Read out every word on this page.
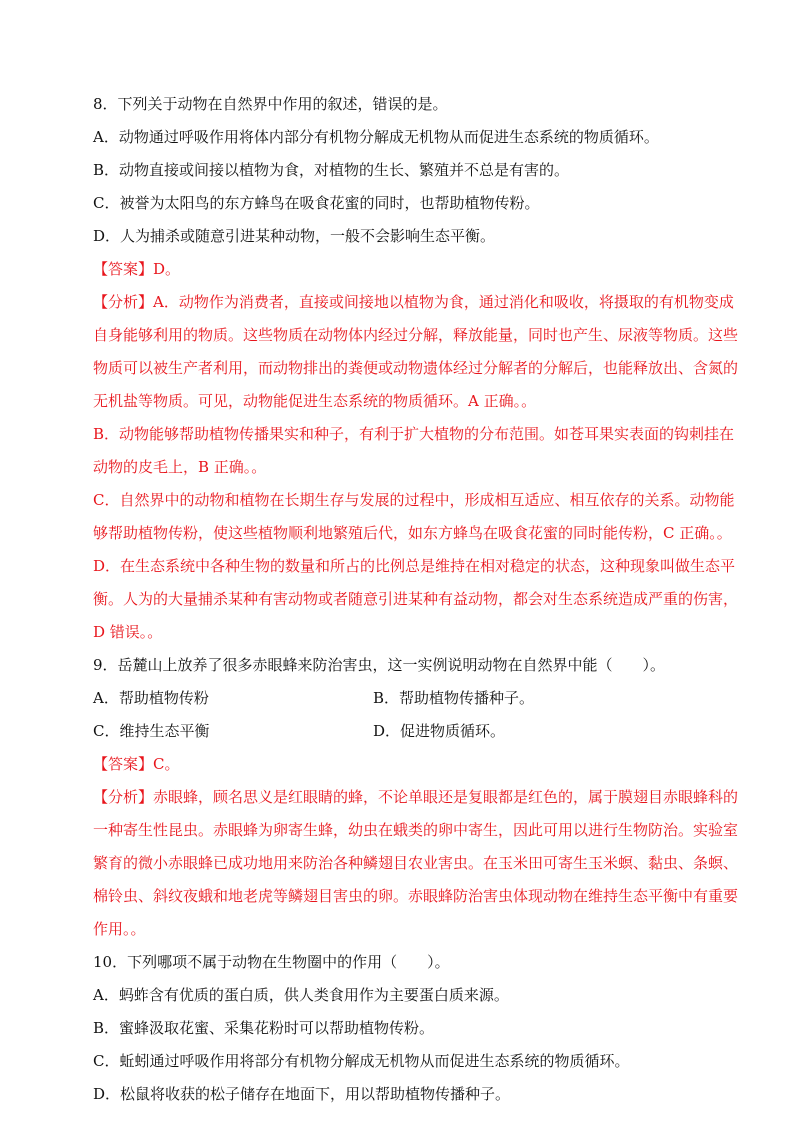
8．下列关于动物在自然界中作用的叙述，错误的是。
A．动物通过呼吸作用将体内部分有机物分解成无机物从而促进生态系统的物质循环。
B．动物直接或间接以植物为食，对植物的生长、繁殖并不总是有害的。
C．被誉为太阳鸟的东方蜂鸟在吸食花蜜的同时，也帮助植物传粉。
D．人为捕杀或随意引进某种动物，一般不会影响生态平衡。
【答案】D。
【分析】A．动物作为消费者，直接或间接地以植物为食，通过消化和吸收，将摄取的有机物变成
自身能够利用的物质。这些物质在动物体内经过分解，释放能量，同时也产生、尿液等物质。这些
物质可以被生产者利用，而动物排出的粪便或动物遗体经过分解者的分解后，也能释放出、含氮的
无机盐等物质。可见，动物能促进生态系统的物质循环。A 正确。。
B．动物能够帮助植物传播果实和种子，有利于扩大植物的分布范围。如苍耳果实表面的钩刺挂在
动物的皮毛上，B 正确。。
C．自然界中的动物和植物在长期生存与发展的过程中，形成相互适应、相互依存的关系。动物能
够帮助植物传粉，使这些植物顺利地繁殖后代，如东方蜂鸟在吸食花蜜的同时能传粉，C 正确。。
D．在生态系统中各种生物的数量和所占的比例总是维持在相对稳定的状态，这种现象叫做生态平
衡。人为的大量捕杀某种有害动物或者随意引进某种有益动物，都会对生态系统造成严重的伤害，
D 错误。。
9．岳麓山上放养了很多赤眼蜂来防治害虫，这一实例说明动物在自然界中能（　　）。
A．帮助植物传粉	B．帮助植物传播种子。
C．维持生态平衡	D．促进物质循环。
【答案】C。
【分析】赤眼蜂，顾名思义是红眼睛的蜂，不论单眼还是复眼都是红色的，属于膜翅目赤眼蜂科的
一种寄生性昆虫。赤眼蜂为卵寄生蜂，幼虫在蛾类的卵中寄生，因此可用以进行生物防治。实验室
繁育的微小赤眼蜂已成功地用来防治各种鳞翅目农业害虫。在玉米田可寄生玉米螟、黏虫、条螟、
棉铃虫、斜纹夜蛾和地老虎等鳞翅目害虫的卵。赤眼蜂防治害虫体现动物在维持生态平衡中有重要
作用。。
10．下列哪项不属于动物在生物圈中的作用（　　）。
A．蚂蚱含有优质的蛋白质，供人类食用作为主要蛋白质来源。
B．蜜蜂汲取花蜜、采集花粉时可以帮助植物传粉。
C．蚯蚓通过呼吸作用将部分有机物分解成无机物从而促进生态系统的物质循环。
D．松鼠将收获的松子储存在地面下，用以帮助植物传播种子。
